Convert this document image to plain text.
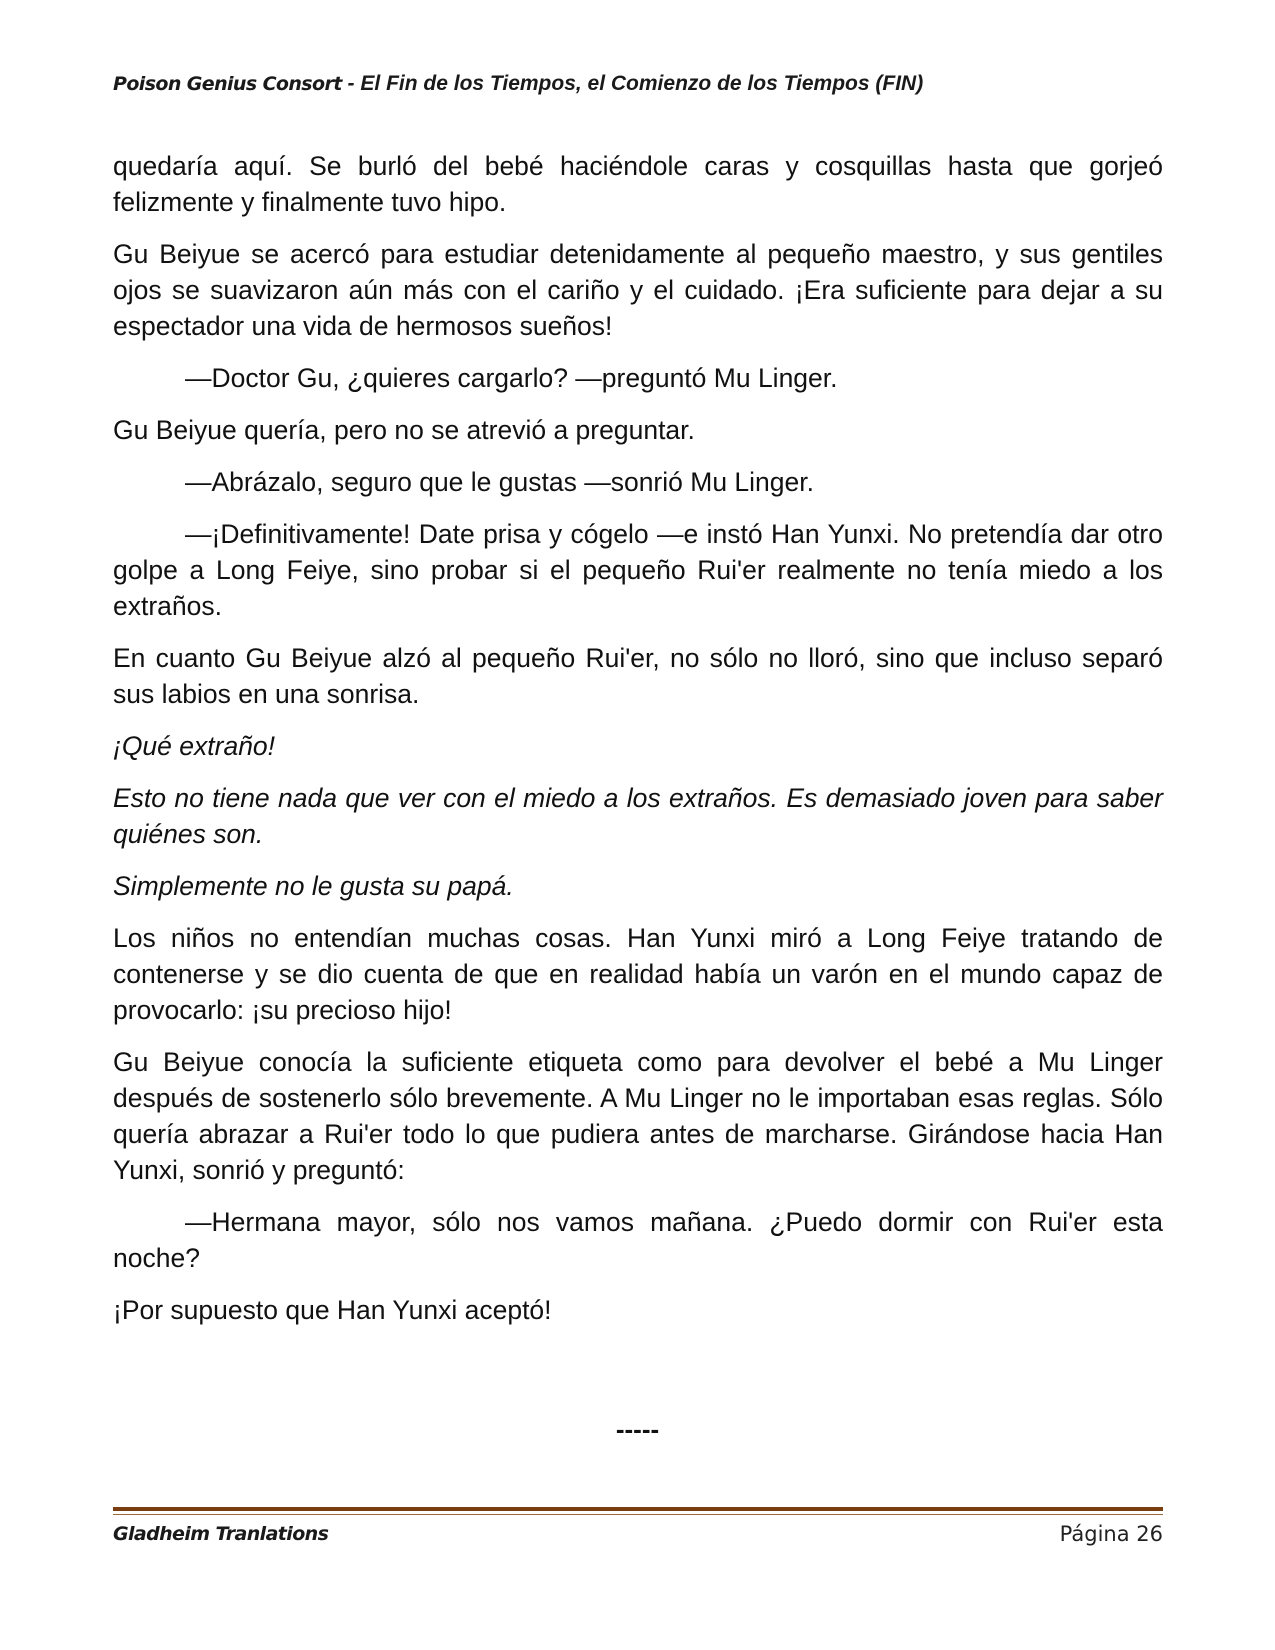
Poison Genius Consort - El Fin de los Tiempos, el Comienzo de los Tiempos (FIN)

quedaría aquí. Se burló del bebé haciéndole caras y cosquillas hasta que gorjeó felizmente y finalmente tuvo hipo.

Gu Beiyue se acercó para estudiar detenidamente al pequeño maestro, y sus gentiles ojos se suavizaron aún más con el cariño y el cuidado. ¡Era suficiente para dejar a su espectador una vida de hermosos sueños!

—Doctor Gu, ¿quieres cargarlo? —preguntó Mu Linger.

Gu Beiyue quería, pero no se atrevió a preguntar.

—Abrázalo, seguro que le gustas —sonrió Mu Linger.

—¡Definitivamente! Date prisa y cógelo —e instó Han Yunxi. No pretendía dar otro golpe a Long Feiye, sino probar si el pequeño Rui'er realmente no tenía miedo a los extraños.

En cuanto Gu Beiyue alzó al pequeño Rui'er, no sólo no lloró, sino que incluso separó sus labios en una sonrisa.

¡Qué extraño!

Esto no tiene nada que ver con el miedo a los extraños. Es demasiado joven para saber quiénes son.

Simplemente no le gusta su papá.

Los niños no entendían muchas cosas. Han Yunxi miró a Long Feiye tratando de contenerse y se dio cuenta de que en realidad había un varón en el mundo capaz de provocarlo: ¡su precioso hijo!

Gu Beiyue conocía la suficiente etiqueta como para devolver el bebé a Mu Linger después de sostenerlo sólo brevemente. A Mu Linger no le importaban esas reglas. Sólo quería abrazar a Rui'er todo lo que pudiera antes de marcharse. Girándose hacia Han Yunxi, sonrió y preguntó:

—Hermana mayor, sólo nos vamos mañana. ¿Puedo dormir con Rui'er esta noche?

¡Por supuesto que Han Yunxi aceptó!

-----
Gladheim Tranlations	Página 26
